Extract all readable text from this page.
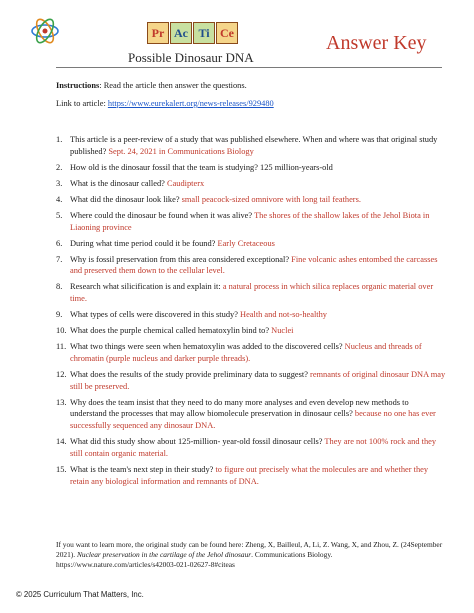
Pr Ac Ti Ce
Possible Dinosaur DNA
Answer Key
Instructions: Read the article then answer the questions.
Link to article: https://www.eurekalert.org/news-releases/929480
1. This article is a peer-review of a study that was published elsewhere. When and where was that original study published? Sept. 24, 2021 in Communications Biology
2. How old is the dinosaur fossil that the team is studying? 125 million-years-old
3. What is the dinosaur called? Caudipterx
4. What did the dinosaur look like? small peacock-sized omnivore with long tail feathers.
5. Where could the dinosaur be found when it was alive? The shores of the shallow lakes of the Jehol Biota in Liaoning province
6. During what time period could it be found? Early Cretaceous
7. Why is fossil preservation from this area considered exceptional? Fine volcanic ashes entombed the carcasses and preserved them down to the cellular level.
8. Research what silicification is and explain it: a natural process in which silica replaces organic material over time.
9. What types of cells were discovered in this study? Health and not-so-healthy
10. What does the purple chemical called hematoxylin bind to? Nuclei
11. What two things were seen when hematoxylin was added to the discovered cells? Nucleus and threads of chromatin (purple nucleus and darker purple threads).
12. What does the results of the study provide preliminary data to suggest? remnants of original dinosaur DNA may still be preserved.
13. Why does the team insist that they need to do many more analyses and even develop new methods to understand the processes that may allow biomolecule preservation in dinosaur cells? because no one has ever successfully sequenced any dinosaur DNA.
14. What did this study show about 125-million- year-old fossil dinosaur cells? They are not 100% rock and they still contain organic material.
15. What is the team's next step in their study? to figure out precisely what the molecules are and whether they retain any biological information and remnants of DNA.
If you want to learn more, the original study can be found here: Zheng, X, Bailleul, A, Li, Z. Wang, X, and Zhou, Z. (24September 2021). Nuclear preservation in the cartilage of the Jehol dinosaur. Communications Biology. https://www.nature.com/articles/s42003-021-02627-8#citeas
© 2025 Curriculum That Matters, Inc.
